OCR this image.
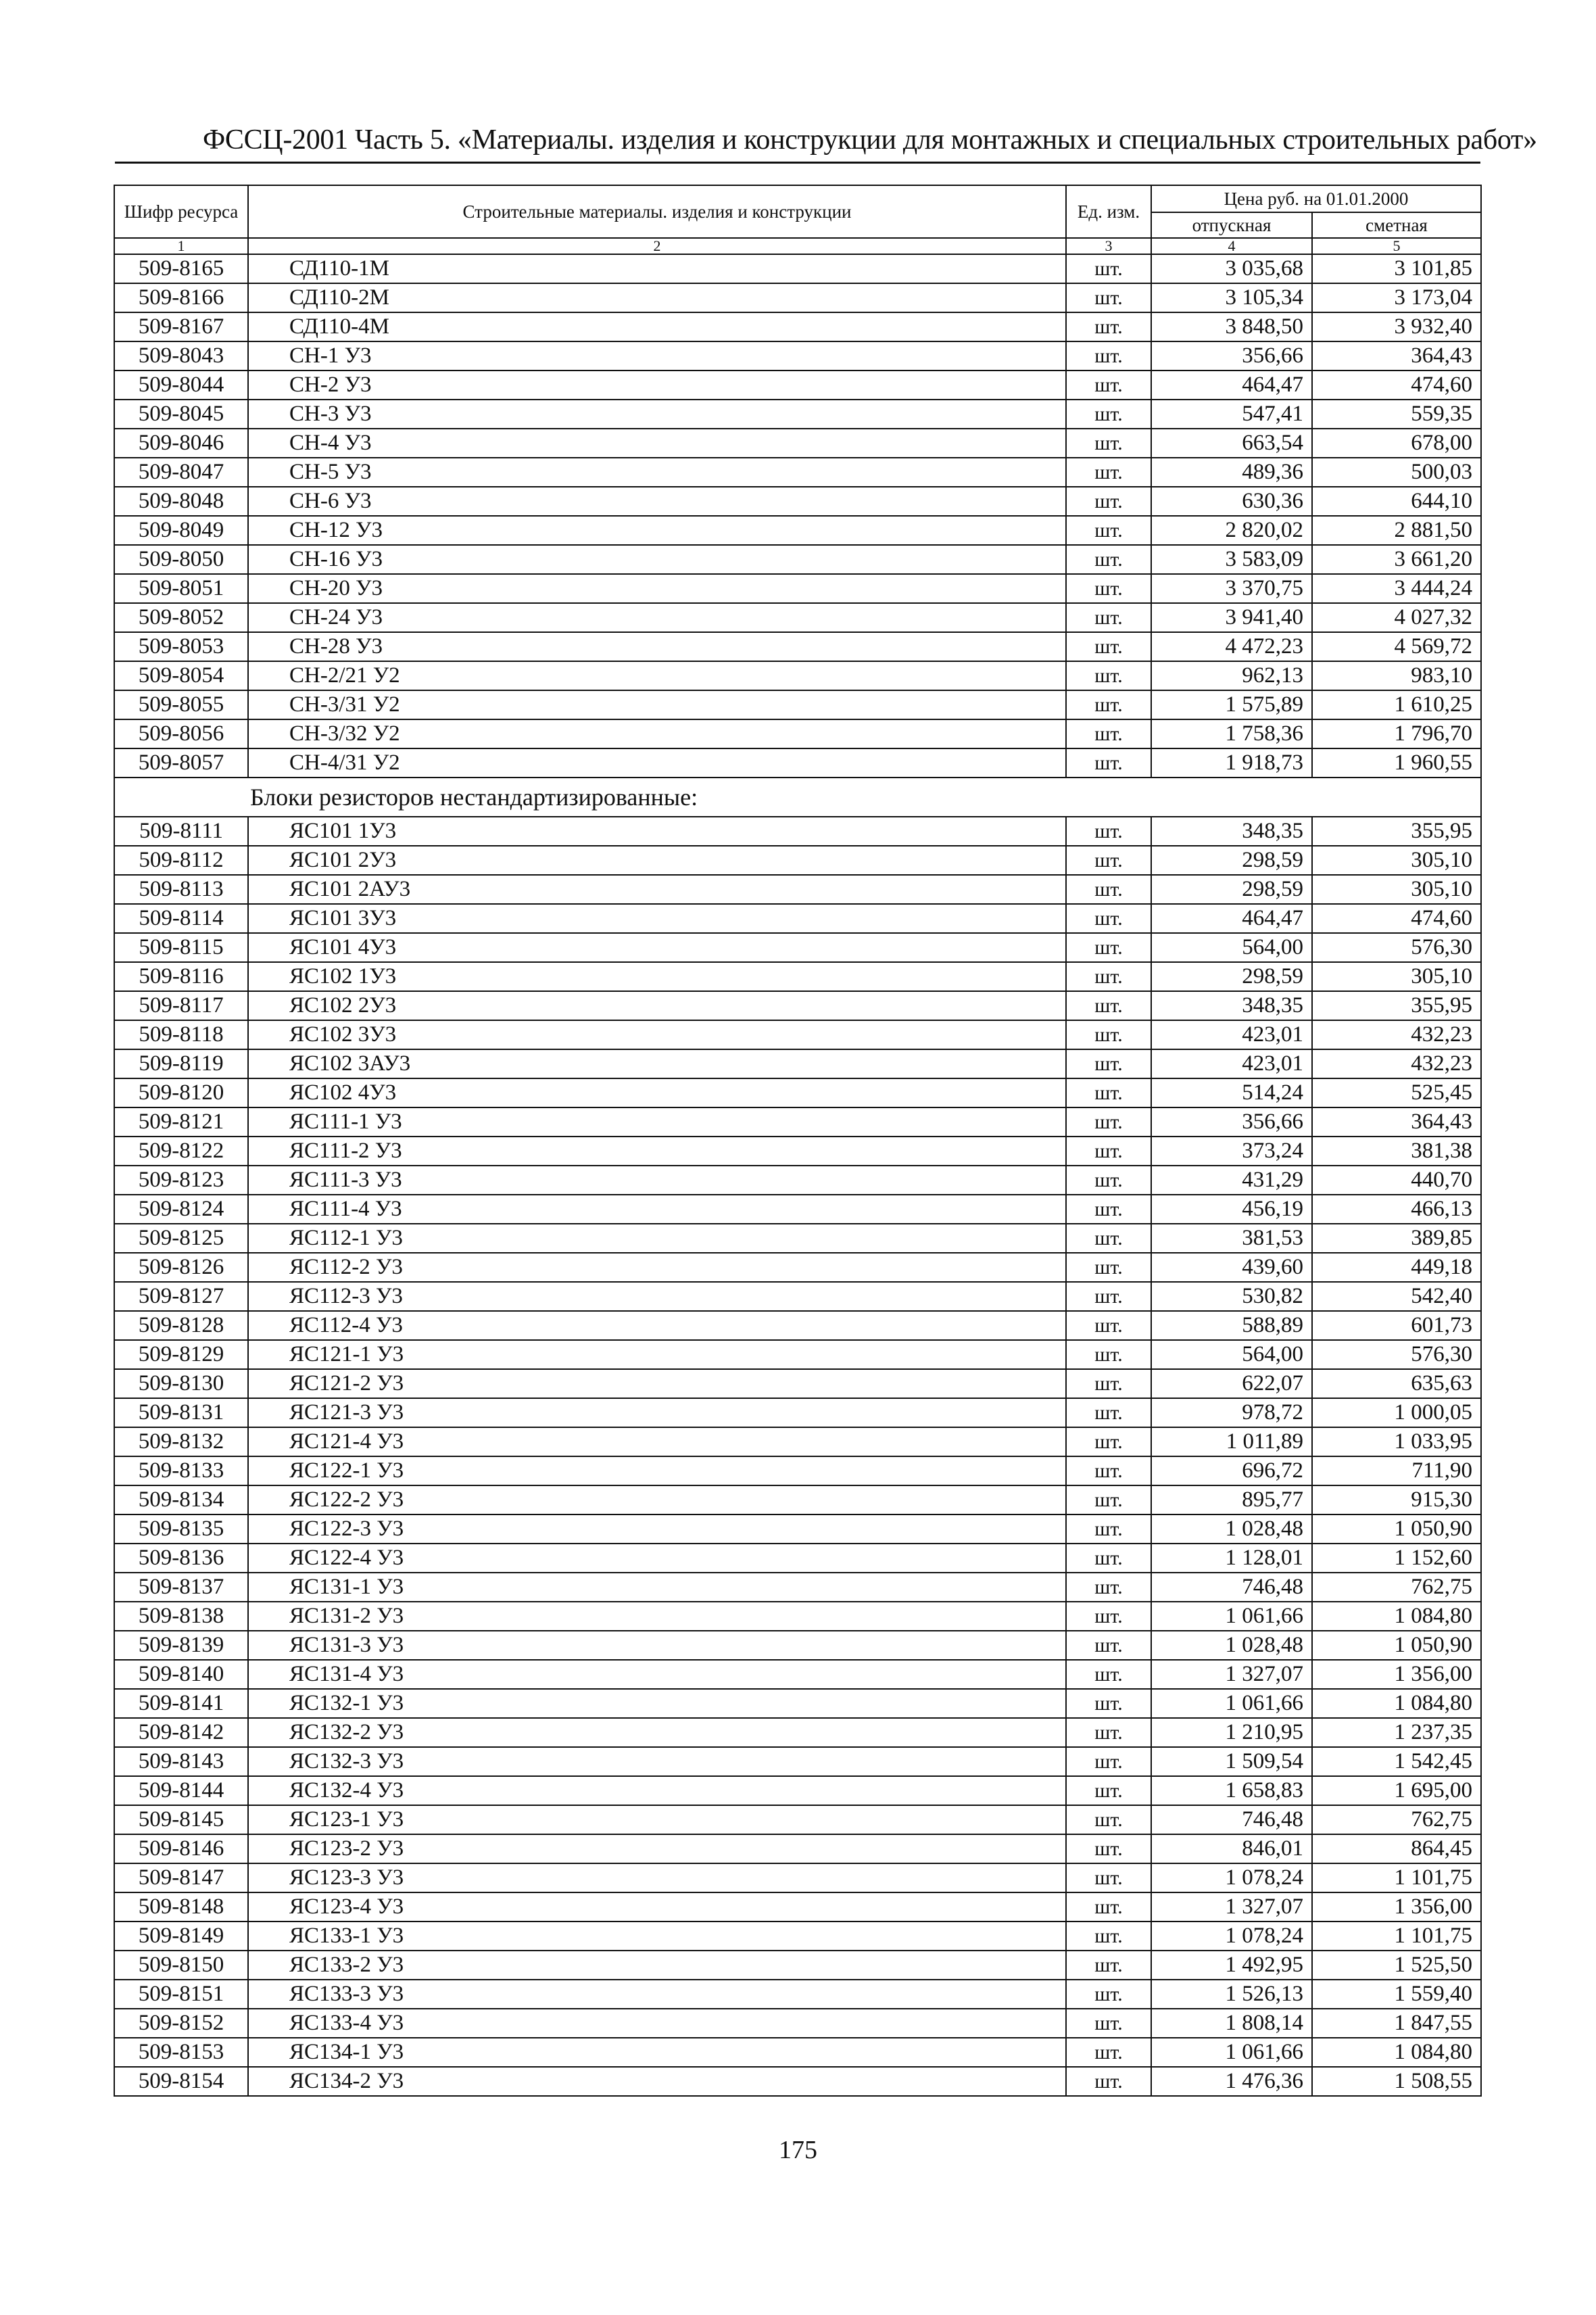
ФССЦ-2001 Часть 5. «Материалы. изделия и конструкции для монтажных и специальных строительных работ»
Шифр ресурса	Строительные материалы. изделия и конструкции	Ед. изм.	Цена руб. на 01.01.2000	
			отпускная	сметная
1	2	3	4	5
509-8165	СД110-1М	шт.	3 035,68	3 101,85
509-8166	СД110-2М	шт.	3 105,34	3 173,04
509-8167	СД110-4М	шт.	3 848,50	3 932,40
509-8043	СН-1 У3	шт.	356,66	364,43
509-8044	СН-2 У3	шт.	464,47	474,60
509-8045	СН-3 У3	шт.	547,41	559,35
509-8046	СН-4 У3	шт.	663,54	678,00
509-8047	СН-5 У3	шт.	489,36	500,03
509-8048	СН-6 У3	шт.	630,36	644,10
509-8049	СН-12 У3	шт.	2 820,02	2 881,50
509-8050	СН-16 У3	шт.	3 583,09	3 661,20
509-8051	СН-20 У3	шт.	3 370,75	3 444,24
509-8052	СН-24 У3	шт.	3 941,40	4 027,32
509-8053	СН-28 У3	шт.	4 472,23	4 569,72
509-8054	СН-2/21 У2	шт.	962,13	983,10
509-8055	СН-3/31 У2	шт.	1 575,89	1 610,25
509-8056	СН-3/32 У2	шт.	1 758,36	1 796,70
509-8057	СН-4/31 У2	шт.	1 918,73	1 960,55
Блоки резисторов нестандартизированные:				
509-8111	ЯС101 1У3	шт.	348,35	355,95
509-8112	ЯС101 2У3	шт.	298,59	305,10
509-8113	ЯС101 2АУ3	шт.	298,59	305,10
509-8114	ЯС101 3У3	шт.	464,47	474,60
509-8115	ЯС101 4У3	шт.	564,00	576,30
509-8116	ЯС102 1У3	шт.	298,59	305,10
509-8117	ЯС102 2У3	шт.	348,35	355,95
509-8118	ЯС102 3У3	шт.	423,01	432,23
509-8119	ЯС102 3АУ3	шт.	423,01	432,23
509-8120	ЯС102 4У3	шт.	514,24	525,45
509-8121	ЯС111-1 У3	шт.	356,66	364,43
509-8122	ЯС111-2 У3	шт.	373,24	381,38
509-8123	ЯС111-3 У3	шт.	431,29	440,70
509-8124	ЯС111-4 У3	шт.	456,19	466,13
509-8125	ЯС112-1 У3	шт.	381,53	389,85
509-8126	ЯС112-2 У3	шт.	439,60	449,18
509-8127	ЯС112-3 У3	шт.	530,82	542,40
509-8128	ЯС112-4 У3	шт.	588,89	601,73
509-8129	ЯС121-1 У3	шт.	564,00	576,30
509-8130	ЯС121-2 У3	шт.	622,07	635,63
509-8131	ЯС121-3 У3	шт.	978,72	1 000,05
509-8132	ЯС121-4 У3	шт.	1 011,89	1 033,95
509-8133	ЯС122-1 У3	шт.	696,72	711,90
509-8134	ЯС122-2 У3	шт.	895,77	915,30
509-8135	ЯС122-3 У3	шт.	1 028,48	1 050,90
509-8136	ЯС122-4 У3	шт.	1 128,01	1 152,60
509-8137	ЯС131-1 У3	шт.	746,48	762,75
509-8138	ЯС131-2 У3	шт.	1 061,66	1 084,80
509-8139	ЯС131-3 У3	шт.	1 028,48	1 050,90
509-8140	ЯС131-4 У3	шт.	1 327,07	1 356,00
509-8141	ЯС132-1 У3	шт.	1 061,66	1 084,80
509-8142	ЯС132-2 У3	шт.	1 210,95	1 237,35
509-8143	ЯС132-3 У3	шт.	1 509,54	1 542,45
509-8144	ЯС132-4 У3	шт.	1 658,83	1 695,00
509-8145	ЯС123-1 У3	шт.	746,48	762,75
509-8146	ЯС123-2 У3	шт.	846,01	864,45
509-8147	ЯС123-3 У3	шт.	1 078,24	1 101,75
509-8148	ЯС123-4 У3	шт.	1 327,07	1 356,00
509-8149	ЯС133-1 У3	шт.	1 078,24	1 101,75
509-8150	ЯС133-2 У3	шт.	1 492,95	1 525,50
509-8151	ЯС133-3 У3	шт.	1 526,13	1 559,40
509-8152	ЯС133-4 У3	шт.	1 808,14	1 847,55
509-8153	ЯС134-1 У3	шт.	1 061,66	1 084,80
509-8154	ЯС134-2 У3	шт.	1 476,36	1 508,55
175
